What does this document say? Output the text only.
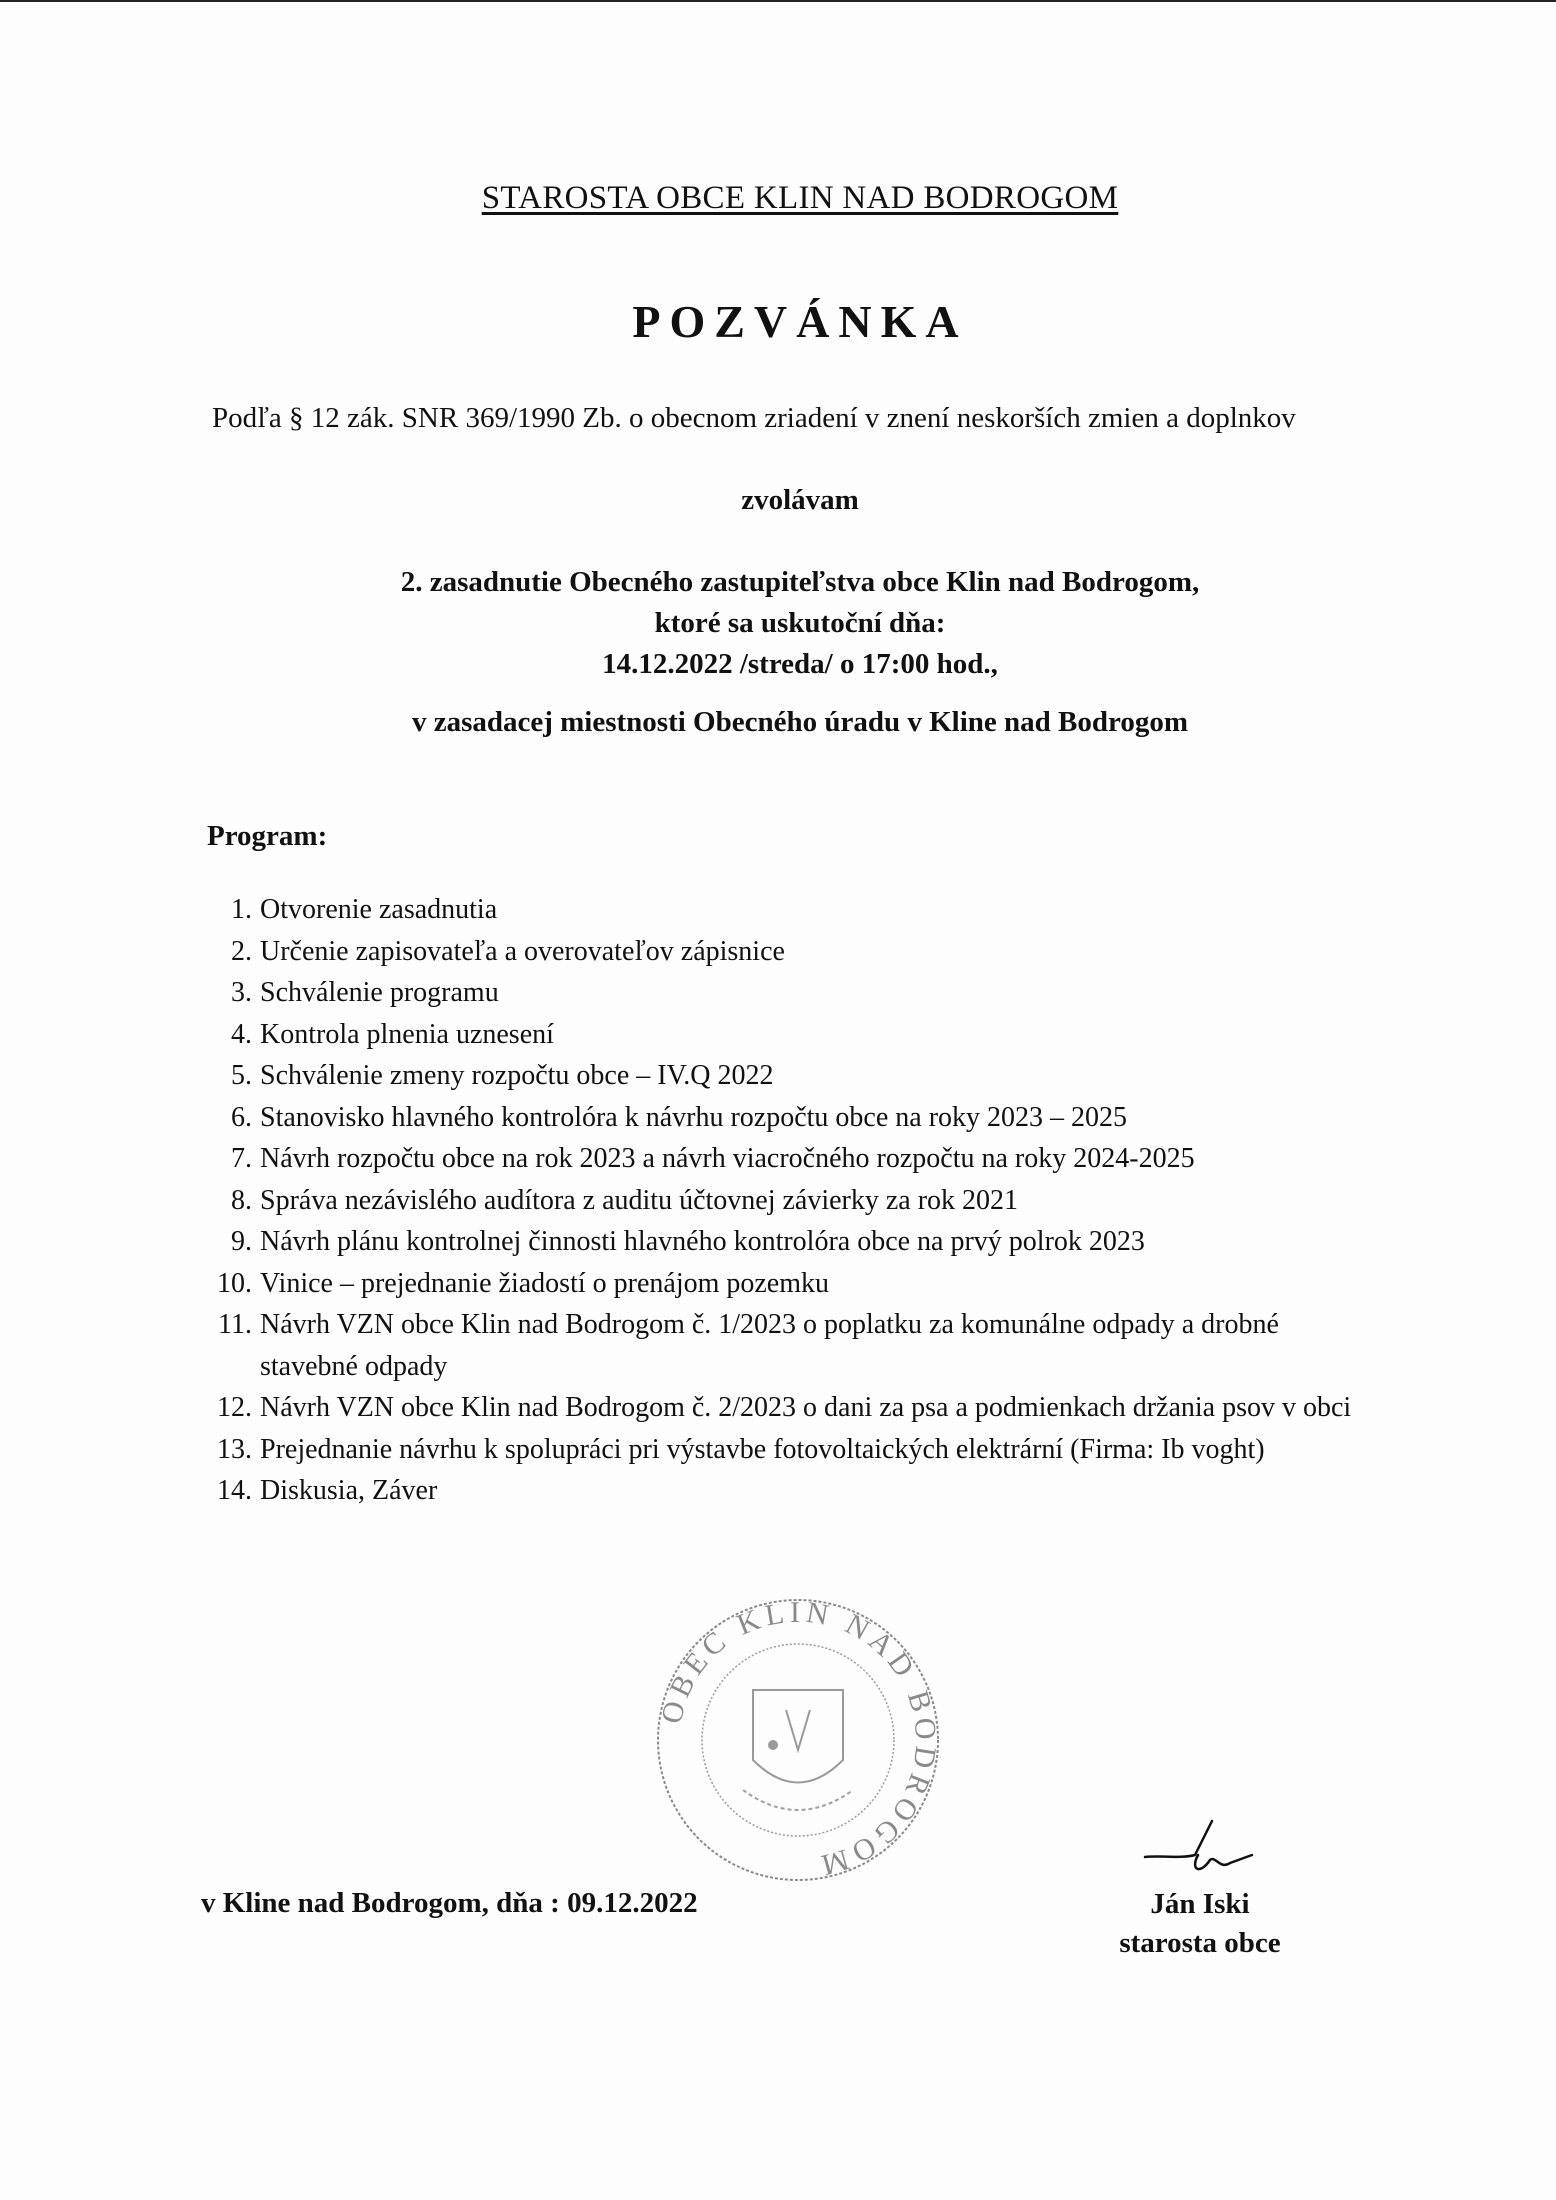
STAROSTA OBCE KLIN NAD BODROGOM
POZVÁNKA
Podľa § 12 zák. SNR 369/1990 Zb. o obecnom zriadení v znení neskorších zmien a doplnkov
zvolávam
2. zasadnutie Obecného zastupiteľstva obce Klin nad Bodrogom,
ktoré sa uskutoční dňa:
14.12.2022 /streda/ o 17:00 hod.,
v zasadacej miestnosti Obecného úradu v Kline nad Bodrogom
Program:
1. Otvorenie zasadnutia
2. Určenie zapisovateľa a overovateľov zápisnice
3. Schválenie programu
4. Kontrola plnenia uznesení
5. Schválenie zmeny rozpočtu obce – IV.Q 2022
6. Stanovisko hlavného kontrolóra k návrhu rozpočtu obce na roky 2023 – 2025
7. Návrh rozpočtu obce na rok 2023 a návrh viacročného rozpočtu na roky 2024-2025
8. Správa nezávislého audítora z auditu účtovnej závierky za rok 2021
9. Návrh plánu kontrolnej činnosti hlavného kontrolóra obce na prvý polrok 2023
10. Vinice – prejednanie žiadostí o prenájom pozemku
11. Návrh VZN obce Klin nad Bodrogom č. 1/2023 o poplatku za komunálne odpady a drobné stavebné odpady
12. Návrh VZN obce Klin nad Bodrogom č. 2/2023 o dani za psa a podmienkach držania psov v obci
13. Prejednanie návrhu k spolupráci pri výstavbe fotovoltaických elektrární (Firma: Ib voght)
14. Diskusia, Záver
OBEC KLIN NAD BODROGOM
v Kline nad Bodrogom, dňa : 09.12.2022	Ján Iski
starosta obce
